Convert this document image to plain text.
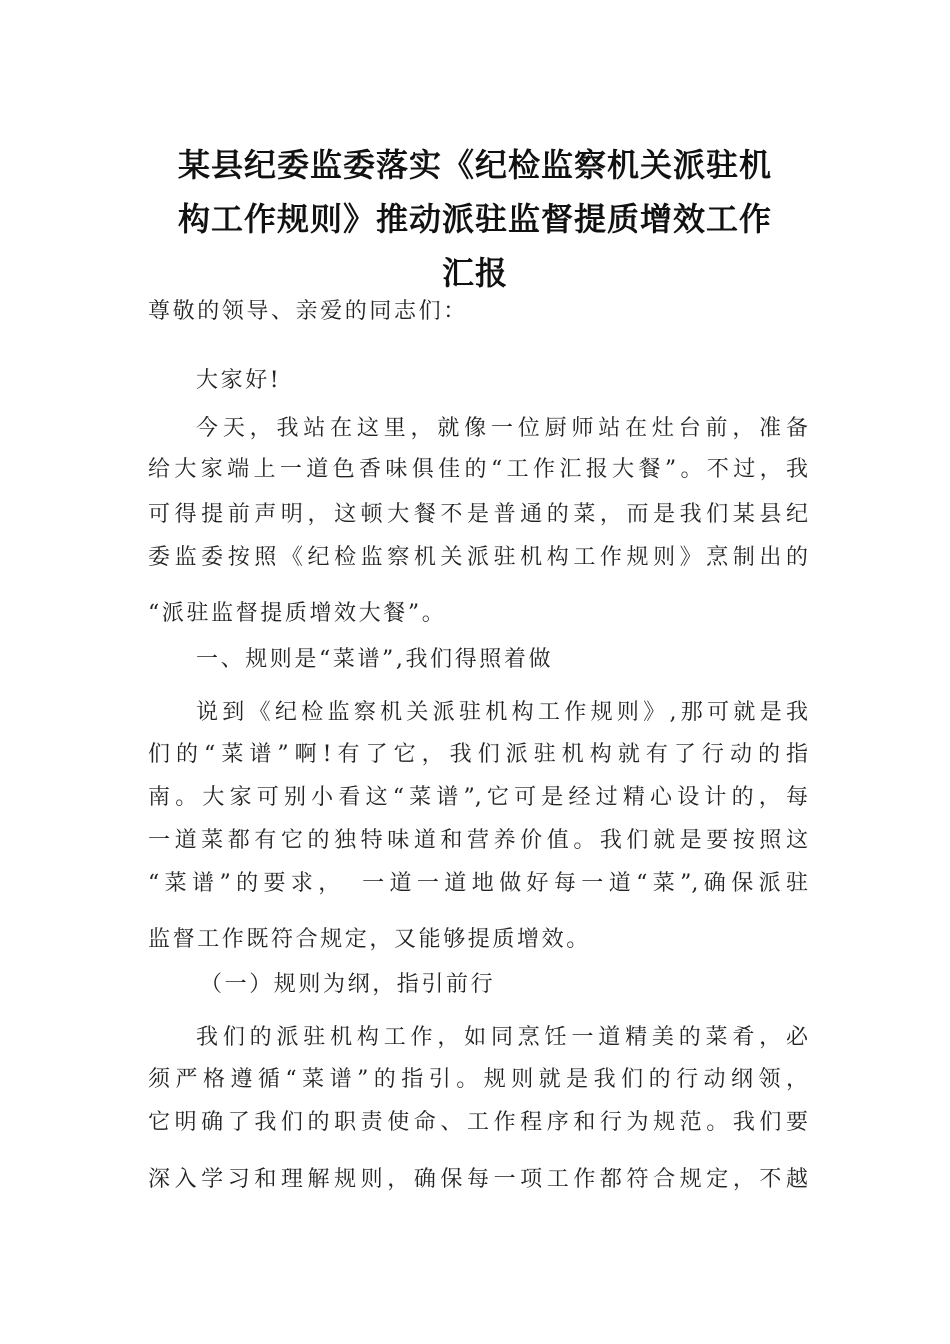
某县纪委监委落实《纪检监察机关派驻机
构工作规则》推动派驻监督提质增效工作
汇报
尊敬的领导、亲爱的同志们：
大家好!
今天，我站在这里，就像一位厨师站在灶台前，准备
给大家端上一道色香味俱佳的“工作汇报大餐”。不过，我
可得提前声明，这顿大餐不是普通的菜，而是我们某县纪
委监委按照《纪检监察机关派驻机构工作规则》烹制出的
“派驻监督提质增效大餐”。
一、规则是“菜谱”,我们得照着做
说到《纪检监察机关派驻机构工作规则》,那可就是我
们的“菜谱”啊!有了它，我们派驻机构就有了行动的指
南。大家可别小看这“菜谱”,它可是经过精心设计的，每
一道菜都有它的独特味道和营养价值。我们就是要按照这
“菜谱”的要求，　一道一道地做好每一道“菜”,确保派驻
监督工作既符合规定，又能够提质增效。
（一）规则为纲，指引前行
我们的派驻机构工作，如同烹饪一道精美的菜肴，必
须严格遵循“菜谱”的指引。规则就是我们的行动纲领，
它明确了我们的职责使命、工作程序和行为规范。我们要
深入学习和理解规则，确保每一项工作都符合规定，不越
